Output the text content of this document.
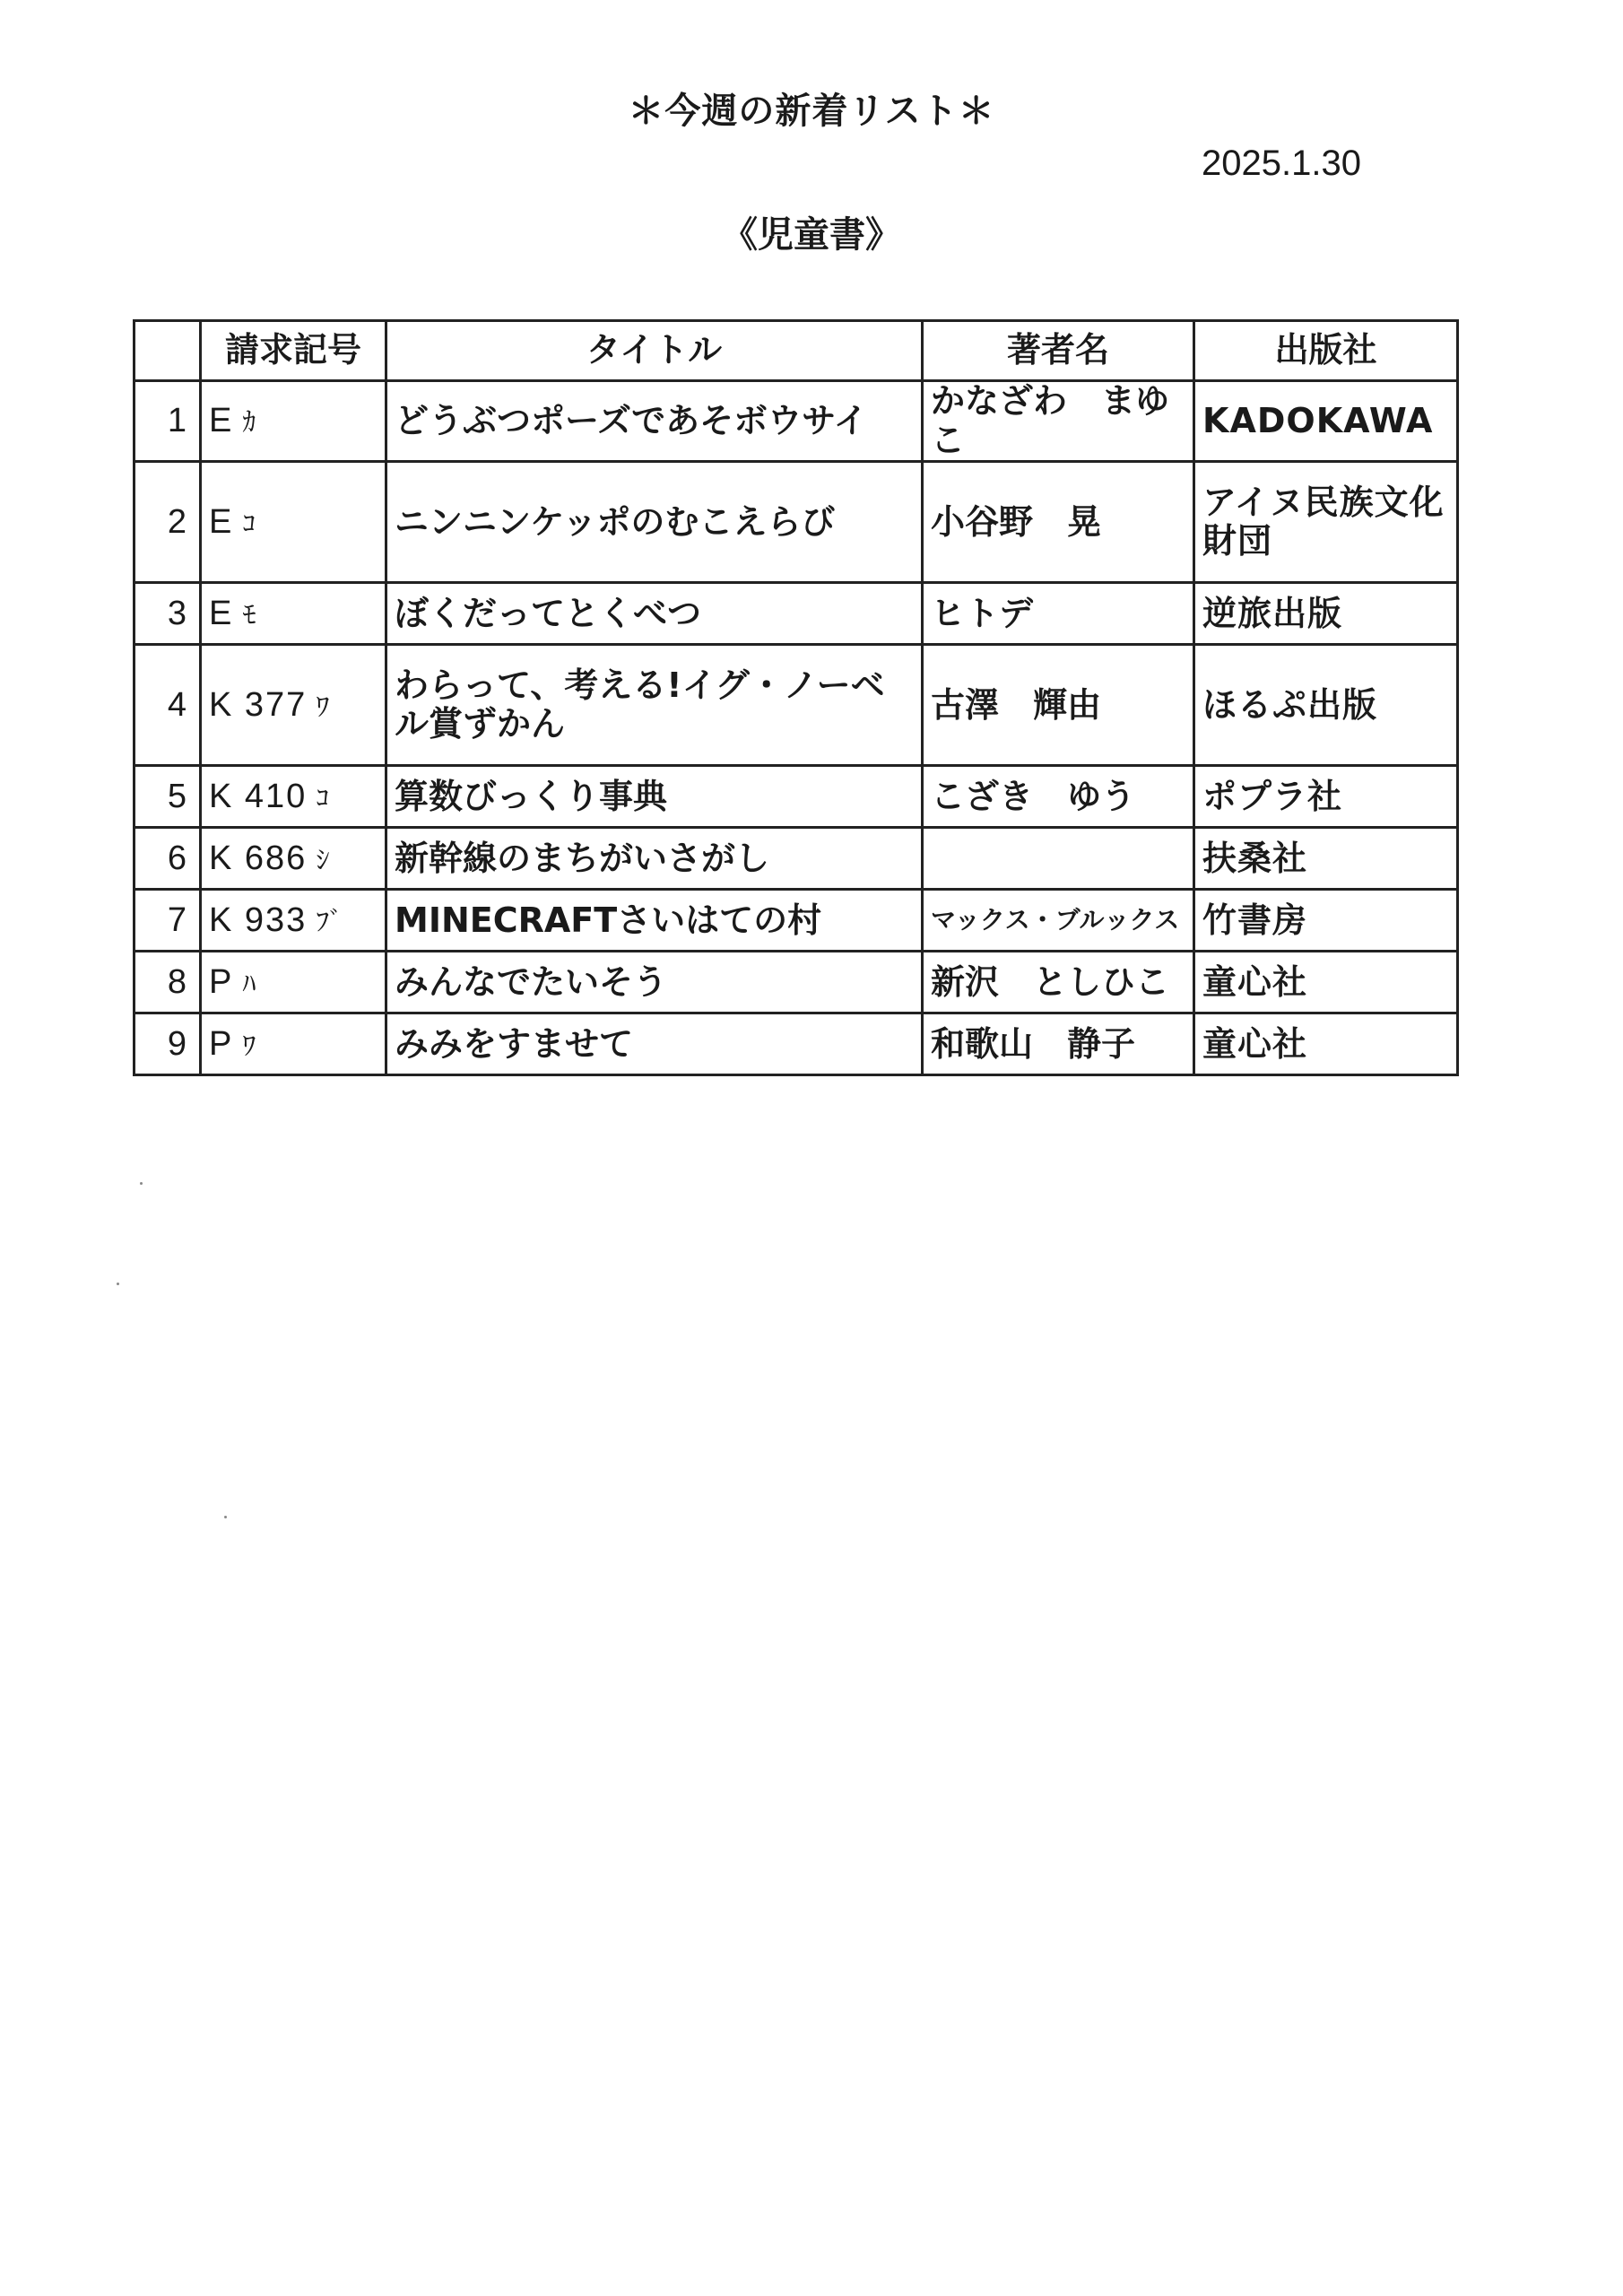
＊今週の新着リスト＊
2025.1.30
《児童書》
	請求記号	タイトル	著者名	出版社
1	E ｶ	どうぶつポーズであそボウサイ	かなざわ　まゆこ	KADOKAWA
2	E ｺ	ニンニンケッポのむこえらび	小谷野　晃	アイヌ民族文化財団
3	E ﾓ	ぼくだってとくべつ	ヒトデ	逆旅出版
4	K 377 ﾜ	わらって、考える!イグ・ノーベル賞ずかん	古澤　輝由	ほるぷ出版
5	K 410 ｺ	算数びっくり事典	こざき　ゆう	ポプラ社
6	K 686 ｼ	新幹線のまちがいさがし		扶桑社
7	K 933 ﾌﾞ	MINECRAFTさいはての村	マックス・ブルックス	竹書房
8	P ﾊ	みんなでたいそう	新沢　としひこ	童心社
9	P ﾜ	みみをすませて	和歌山　静子	童心社
